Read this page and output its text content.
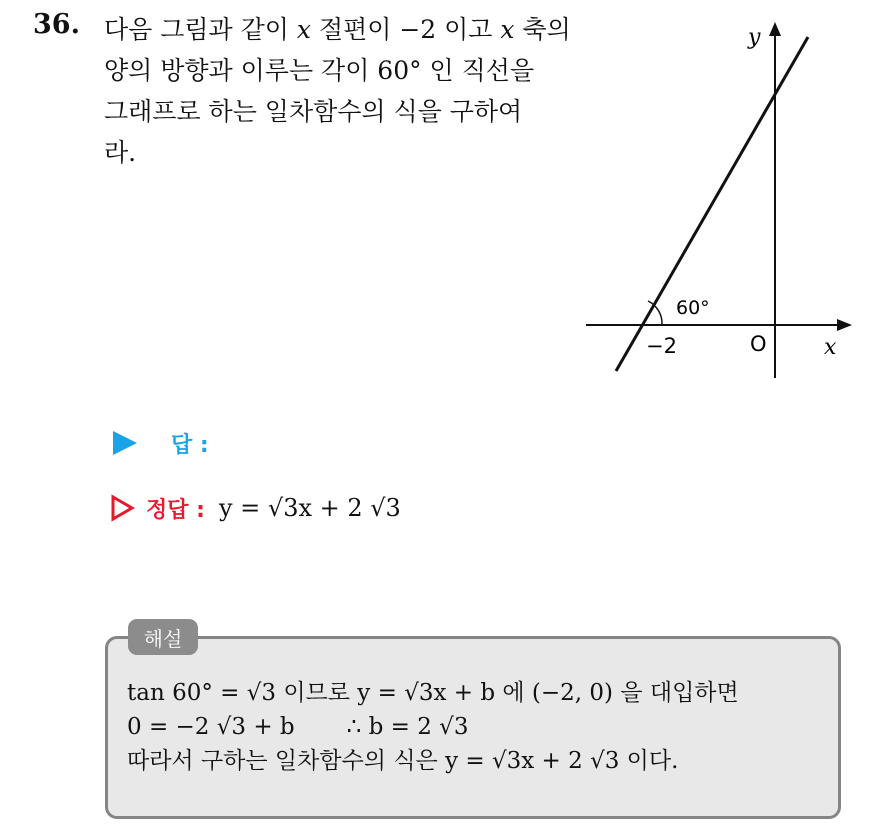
36. 다음 그림과 같이 x 절편이 −2 이고 x 축의
양의 방향과 이루는 각이 60° 인 직선을
그래프로 하는 일차함수의 식을 구하여
라.
y
x
O
−2
60°
답 :
정답 : y = √3x + 2 √3
해설
tan 60° = √3 이므로 y = √3x + b 에 (−2, 0) 을 대입하면
0 = −2 √3 + b ∴ b = 2 √3
따라서 구하는 일차함수의 식은 y = √3x + 2 √3 이다.
